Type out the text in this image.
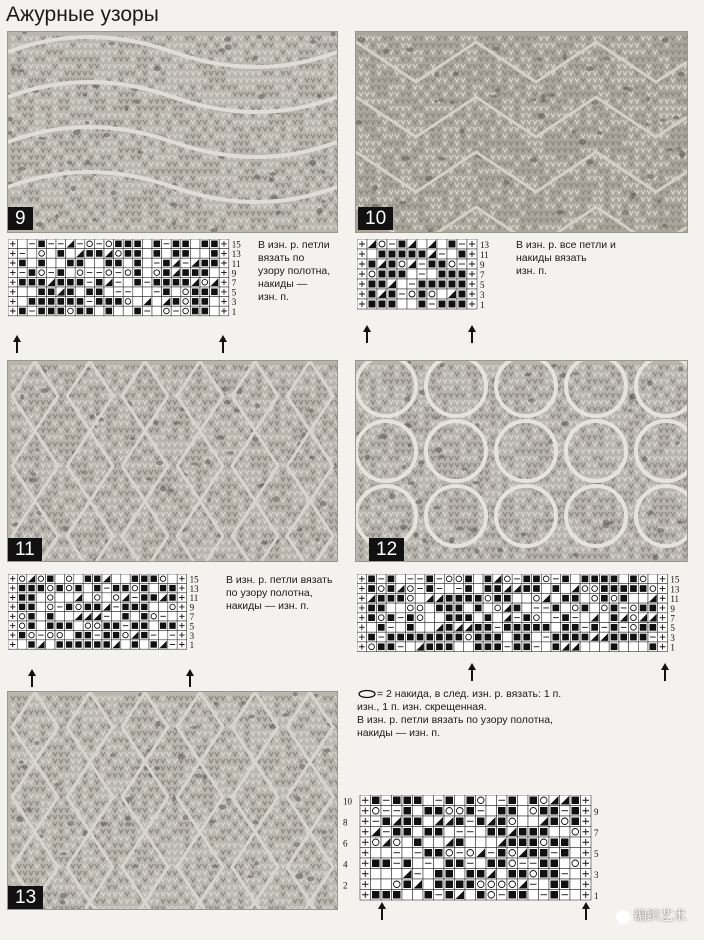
Ажурные узоры
9	10
11	12
13
15
13
11
9
7
5
3
1
В изн. р. петли
вязать по
узору полотна,
накиды —
изн. п.
13
11
9
7
5
3
1
В изн. р. все петли и
накиды вязать
изн. п.
15
13
11
9
7
5
3
1
В изн. р. петли вязать
по узору полотна,
накиды — изн. п.
15
13
11
9
7
5
3
1
10
8
6
4
2
9
7
5
3
1
= 2 накида, в след. изн. р. вязать: 1 п.
изн., 1 п. изн. скрещенная.
В изн. р. петли вязать по узору полотна,
накиды — изн. п.
编织艺术
